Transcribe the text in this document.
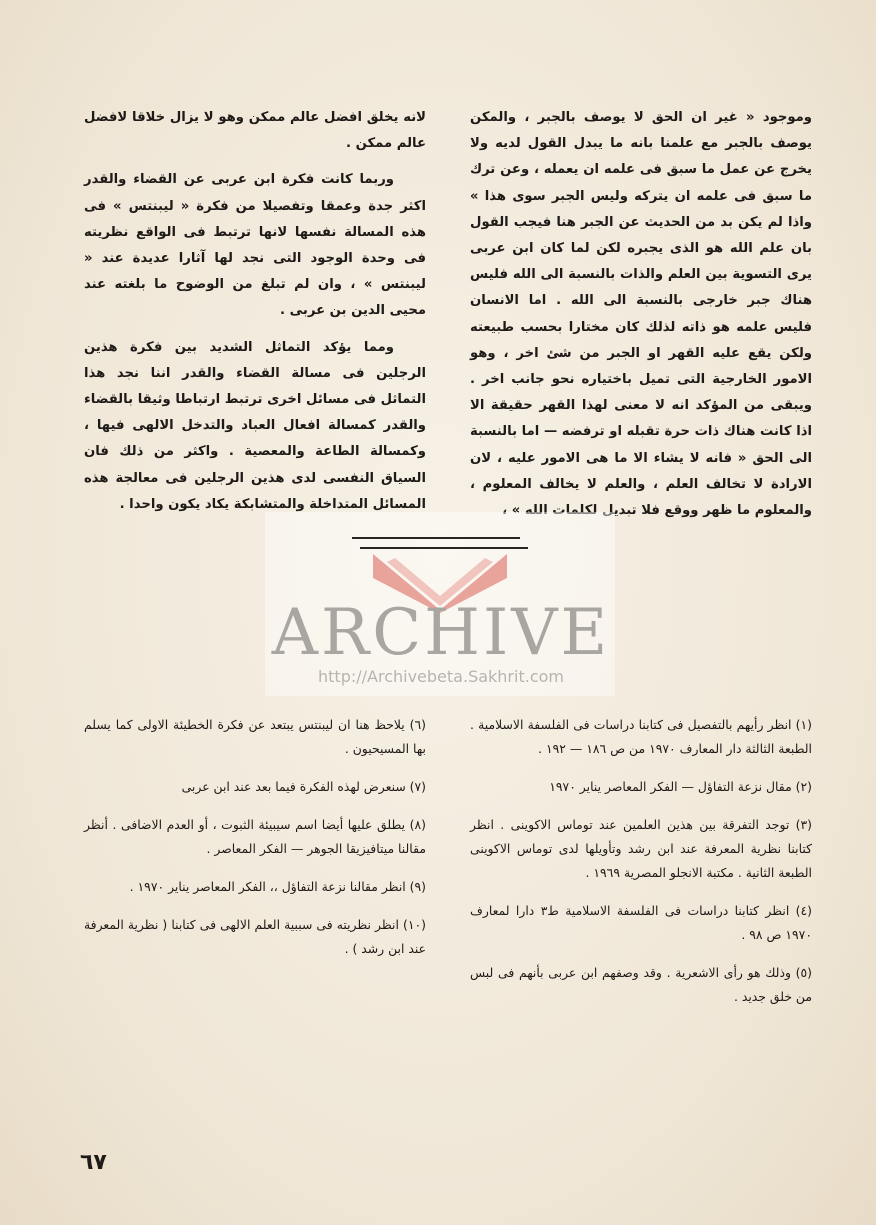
وموجود « غير ان الحق لا يوصف بالجبر ، والمكن يوصف بالجبر مع علمنا بانه ما يبدل القول لديه ولا يخرج عن عمل ما سبق فى علمه ان يعمله ، وعن ترك ما سبق فى علمه ان يتركه وليس الجبر سوى هذا » واذا لم يكن بد من الحديث عن الجبر هنا فيجب القول بان علم الله هو الذى يجبره لكن لما كان ابن عربى يرى التسوية بين العلم والذات بالنسبة الى الله فليس هناك جبر خارجى بالنسبة الى الله . اما الانسان فليس علمه هو ذاته لذلك كان مختارا بحسب طبيعته ولكن يقع عليه القهر او الجبر من شئ اخر ، وهو الامور الخارجية التى تميل باختياره نحو جانب اخر . ويبقى من المؤكد انه لا معنى لهذا القهر حقيقة الا اذا كانت هناك ذات حرة تقبله او ترفضه — اما بالنسبة الى الحق « فانه لا يشاء الا ما هى الامور عليه ، لان الارادة لا تخالف العلم ، والعلم لا يخالف المعلوم ، والمعلوم ما ظهر ووقع فلا تبديل لكلمات الله » ،

لانه يخلق افضل عالم ممكن وهو لا يزال خلاقا لافضل عالم ممكن .

وربما كانت فكرة ابن عربى عن القضاء والقدر اكثر جدة وعمقا وتفصيلا من فكرة « ليبنتس » فى هذه المسالة نفسها لانها ترتبط فى الواقع نظريته فى وحدة الوجود التى نجد لها آثارا عديدة عند « ليبنتس » ، وان لم تبلغ من الوضوح ما بلغته عند محيى الدين بن عربى .

ومما يؤكد التماثل الشديد بين فكرة هذين الرجلين فى مسالة القضاء والقدر اننا نجد هذا التماثل فى مسائل اخرى ترتبط ارتباطا وثيقا بالقضاء والقدر كمسالة افعال العباد والتدخل الالهى فيها ، وكمسالة الطاعة والمعصية . واكثر من ذلك فان السياق النفسى لدى هذين الرجلين فى معالجة هذه المسائل المتداخلة والمتشابكة يكاد يكون واحدا .

ARCHIVE
http://Archivebeta.Sakhrit.com

(١) انظر رأيهم بالتفصيل فى كتابنا دراسات فى الفلسفة الاسلامية . الطبعة الثالثة دار المعارف ١٩٧٠ من ص ١٨٦ — ١٩٢ .

(٢) مقال نزعة التفاؤل — الفكر المعاصر يناير ١٩٧٠

(٣) توجد التفرقة بين هذين العلمين عند توماس الاكوينى . انظر كتابنا نظرية المعرفة عند ابن رشد وتأويلها لدى توماس الاكوينى الطبعة الثانية . مكتبة الانجلو المصرية ١٩٦٩ .

(٤) انظر كتابنا دراسات فى الفلسفة الاسلامية ط٣ دارا لمعارف ١٩٧٠ ص ٩٨ .

(٥) وذلك هو رأى الاشعرية . وقد وصفهم ابن عربى بأنهم فى لبس من خلق جديد .

(٦) يلاحظ هنا ان ليبنتس يبتعد عن فكرة الخطيئة الاولى كما يسلم بها المسيحيون .

(٧) سنعرض لهذه الفكرة فيما بعد عند ابن عربى

(٨) يطلق عليها أيضا اسم سيبيئة الثبوت ، أو العدم الاضافى . أنظر مقالنا ميتافيزيقا الجوهر — الفكر المعاصر .

(٩) انظر مقالنا نزعة التفاؤل ،، الفكر المعاصر يناير ١٩٧٠ .

(١٠) انظر نظريته فى سببية العلم الالهى فى كتابنا ( نظرية المعرفة عند ابن رشد ) .

٦٧
